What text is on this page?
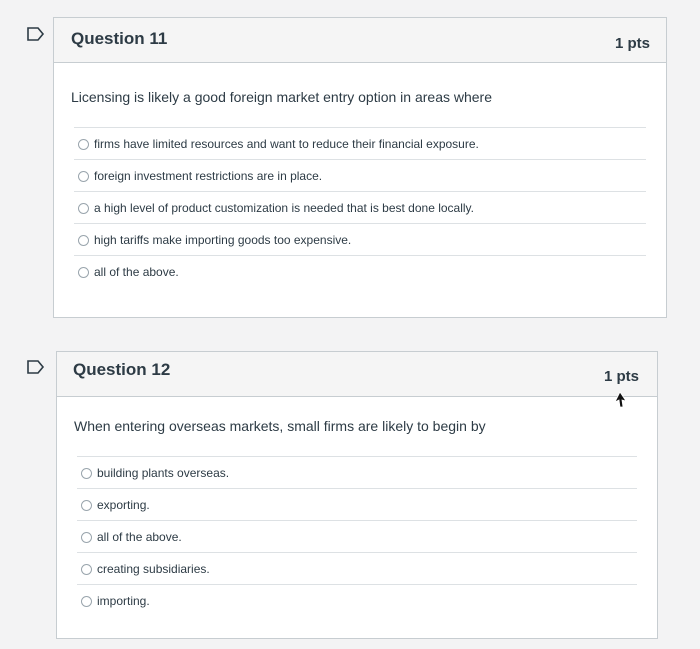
Question 11	1 pts
Licensing is likely a good foreign market entry option in areas where
firms have limited resources and want to reduce their financial exposure.
foreign investment restrictions are in place.
a high level of product customization is needed that is best done locally.
high tariffs make importing goods too expensive.
all of the above.
Question 12	1 pts
When entering overseas markets, small firms are likely to begin by
building plants overseas.
exporting.
all of the above.
creating subsidiaries.
importing.
